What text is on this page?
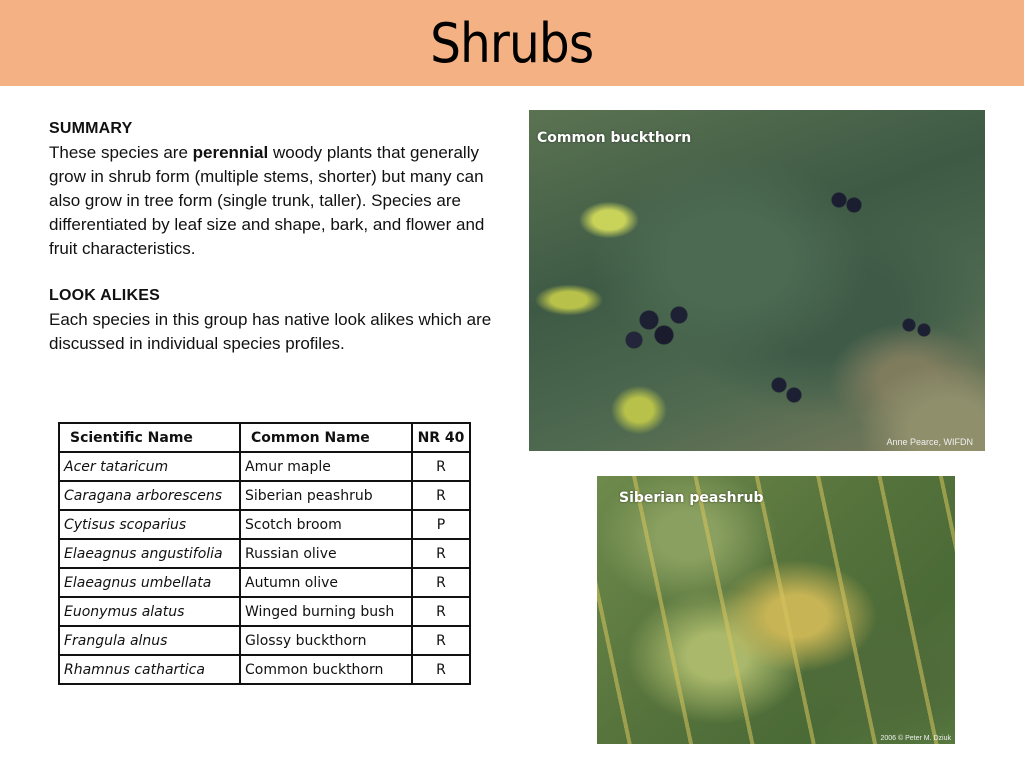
Shrubs
SUMMARY

These species are perennial woody plants that generally grow in shrub form (multiple stems, shorter) but many can also grow in tree form (single trunk, taller). Species are differentiated by leaf size and shape, bark, and flower and fruit characteristics.

LOOK ALIKES

Each species in this group has native look alikes which are discussed in individual species profiles.

Scientific Name	Common Name	NR 40
Acer tataricum	Amur maple	R
Caragana arborescens	Siberian peashrub	R
Cytisus scoparius	Scotch broom	P
Elaeagnus angustifolia	Russian olive	R
Elaeagnus umbellata	Autumn olive	R
Euonymus alatus	Winged burning bush	R
Frangula alnus	Glossy buckthorn	R
Rhamnus cathartica	Common buckthorn	R
Common buckthorn
Anne Pearce, WIFDN
Siberian peashrub
2006 © Peter M. Dziuk
